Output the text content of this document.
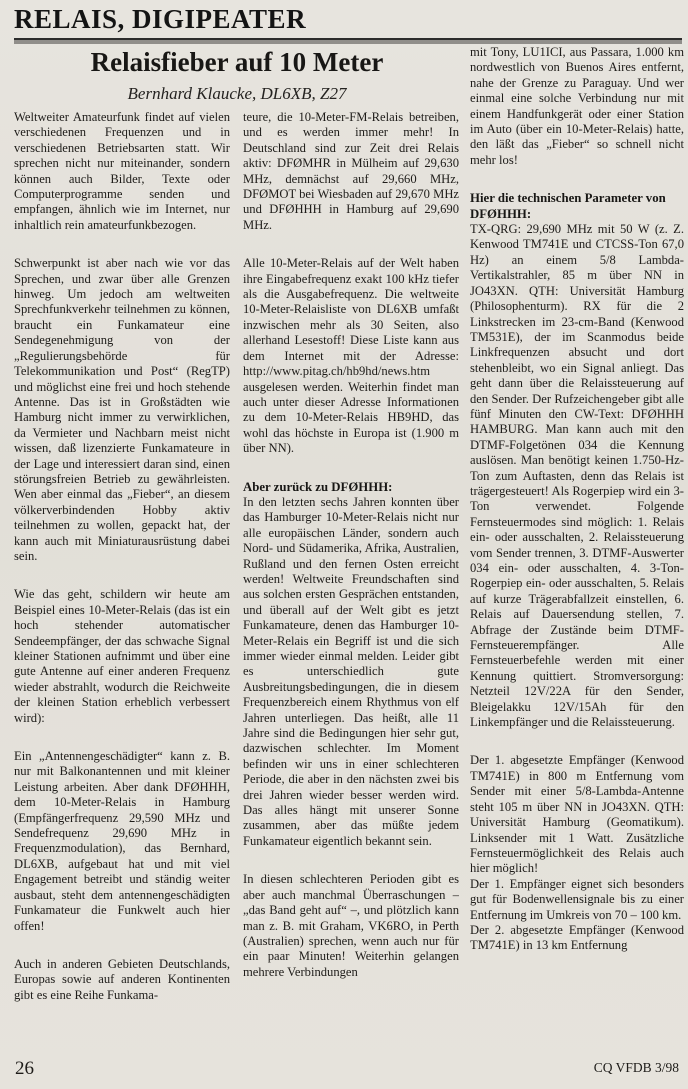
RELAIS, DIGIPEATER
Relaisfieber auf 10 Meter
Bernhard Klaucke, DL6XB, Z27

Weltweiter Amateurfunk findet auf vielen verschiedenen Frequenzen und in verschiedenen Betriebsarten statt. Wir sprechen nicht nur miteinander, sondern können auch Bilder, Texte oder Computerprogramme senden und empfangen, ähnlich wie im Internet, nur inhaltlich rein amateurfunkbezogen.

Schwerpunkt ist aber nach wie vor das Sprechen, und zwar über alle Grenzen hinweg. Um jedoch am weltweiten Sprechfunkverkehr teilnehmen zu können, braucht ein Funkamateur eine Sendegenehmigung von der „Regulierungsbehörde für Telekommunikation und Post“ (RegTP) und möglichst eine frei und hoch stehende Antenne. Das ist in Großstädten wie Hamburg nicht immer zu verwirklichen, da Vermieter und Nachbarn meist nicht wissen, daß lizenzierte Funkamateure in der Lage und interessiert daran sind, einen störungsfreien Betrieb zu gewährleisten. Wen aber einmal das „Fieber“, an diesem völkerverbindenden Hobby aktiv teilnehmen zu wollen, gepackt hat, der kann auch mit Miniaturausrüstung dabei sein.

Wie das geht, schildern wir heute am Beispiel eines 10-Meter-Relais (das ist ein hoch stehender automatischer Sendeempfänger, der das schwache Signal kleiner Stationen aufnimmt und über eine gute Antenne auf einer anderen Frequenz wieder abstrahlt, wodurch die Reichweite der kleinen Station erheblich verbessert wird):

Ein „Antennengeschädigter“ kann z. B. nur mit Balkonantennen und mit kleiner Leistung arbeiten. Aber dank DFØHHH, dem 10-Meter-Relais in Hamburg (Empfängerfrequenz 29,590 MHz und Sendefrequenz 29,690 MHz in Frequenzmodulation), das Bernhard, DL6XB, aufgebaut hat und mit viel Engagement betreibt und ständig weiter ausbaut, steht dem antennengeschädigten Funkamateur die Funkwelt auch hier offen!

Auch in anderen Gebieten Deutschlands, Europas sowie auf anderen Kontinenten gibt es eine Reihe Funkama-

teure, die 10-Meter-FM-Relais betreiben, und es werden immer mehr! In Deutschland sind zur Zeit drei Relais aktiv: DFØMHR in Mülheim auf 29,630 MHz, demnächst auf 29,660 MHz, DFØMOT bei Wiesbaden auf 29,670 MHz und DFØHHH in Hamburg auf 29,690 MHz.

Alle 10-Meter-Relais auf der Welt haben ihre Eingabefrequenz exakt 100 kHz tiefer als die Ausgabefrequenz. Die weltweite 10-Meter-Relaisliste von DL6XB umfaßt inzwischen mehr als 30 Seiten, also allerhand Lesestoff! Diese Liste kann aus dem Internet mit der Adresse: http://www.pitag.ch/hb9hd/news.htm ausgelesen werden. Weiterhin findet man auch unter dieser Adresse Informationen zu dem 10-Meter-Relais HB9HD, das wohl das höchste in Europa ist (1.900 m über NN).

Aber zurück zu DFØHHH:

In den letzten sechs Jahren konnten über das Hamburger 10-Meter-Relais nicht nur alle europäischen Länder, sondern auch Nord- und Südamerika, Afrika, Australien, Rußland und den fernen Osten erreicht werden! Weltweite Freundschaften sind aus solchen ersten Gesprächen entstanden, und überall auf der Welt gibt es jetzt Funkamateure, denen das Hamburger 10-Meter-Relais ein Begriff ist und die sich immer wieder einmal melden. Leider gibt es unterschiedlich gute Ausbreitungsbedingungen, die in diesem Frequenzbereich einem Rhythmus von elf Jahren unterliegen. Das heißt, alle 11 Jahre sind die Bedingungen hier sehr gut, dazwischen schlechter. Im Moment befinden wir uns in einer schlechteren Periode, die aber in den nächsten zwei bis drei Jahren wieder besser werden wird. Das alles hängt mit unserer Sonne zusammen, aber das müßte jedem Funkamateur eigentlich bekannt sein.

In diesen schlechteren Perioden gibt es aber auch manchmal Überraschungen – „das Band geht auf“ –, und plötzlich kann man z. B. mit Graham, VK6RO, in Perth (Australien) sprechen, wenn auch nur für ein paar Minuten! Weiterhin gelangen mehrere Verbindungen

mit Tony, LU1ICI, aus Passara, 1.000 km nordwestlich von Buenos Aires entfernt, nahe der Grenze zu Paraguay. Und wer einmal eine solche Verbindung nur mit einem Handfunkgerät oder einer Station im Auto (über ein 10-Meter-Relais) hatte, den läßt das „Fieber“ so schnell nicht mehr los!

Hier die technischen Parameter von DFØHHH:

TX-QRG: 29,690 MHz mit 50 W (z. Z. Kenwood TM741E und CTCSS-Ton 67,0 Hz) an einem 5/8 Lambda-Vertikalstrahler, 85 m über NN in JO43XN. QTH: Universität Hamburg (Philosophenturm). RX für die 2 Linkstrecken im 23-cm-Band (Kenwood TM531E), der im Scanmodus beide Linkfrequenzen absucht und dort stehenbleibt, wo ein Signal anliegt. Das geht dann über die Relaissteuerung auf den Sender. Der Rufzeichengeber gibt alle fünf Minuten den CW-Text: DFØHHH HAMBURG. Man kann auch mit den DTMF-Folgetönen 034 die Kennung auslösen. Man benötigt keinen 1.750-Hz-Ton zum Auftasten, denn das Relais ist trägergesteuert! Als Rogerpiep wird ein 3-Ton verwendet. Folgende Fernsteuermodes sind möglich: 1. Relais ein- oder ausschalten, 2. Relaissteuerung vom Sender trennen, 3. DTMF-Auswerter 034 ein- oder ausschalten, 4. 3-Ton-Rogerpiep ein- oder ausschalten, 5. Relais auf kurze Trägerabfallzeit einstellen, 6. Relais auf Dauersendung stellen, 7. Abfrage der Zustände beim DTMF-Fernsteuerempfänger. Alle Fernsteuerbefehle werden mit einer Kennung quittiert. Stromversorgung: Netzteil 12V/22A für den Sender, Bleigelakku 12V/15Ah für den Linkempfänger und die Relaissteuerung.

Der 1. abgesetzte Empfänger (Kenwood TM741E) in 800 m Entfernung vom Sender mit einer 5/8-Lambda-Antenne steht 105 m über NN in JO43XN. QTH: Universität Hamburg (Geomatikum). Linksender mit 1 Watt. Zusätzliche Fernsteuermöglichkeit des Relais auch hier möglich!

Der 1. Empfänger eignet sich besonders gut für Bodenwellensignale bis zu einer Entfernung im Umkreis von 70 – 100 km.

Der 2. abgesetzte Empfänger (Kenwood TM741E) in 13 km Entfernung

26	CQ VFDB 3/98
